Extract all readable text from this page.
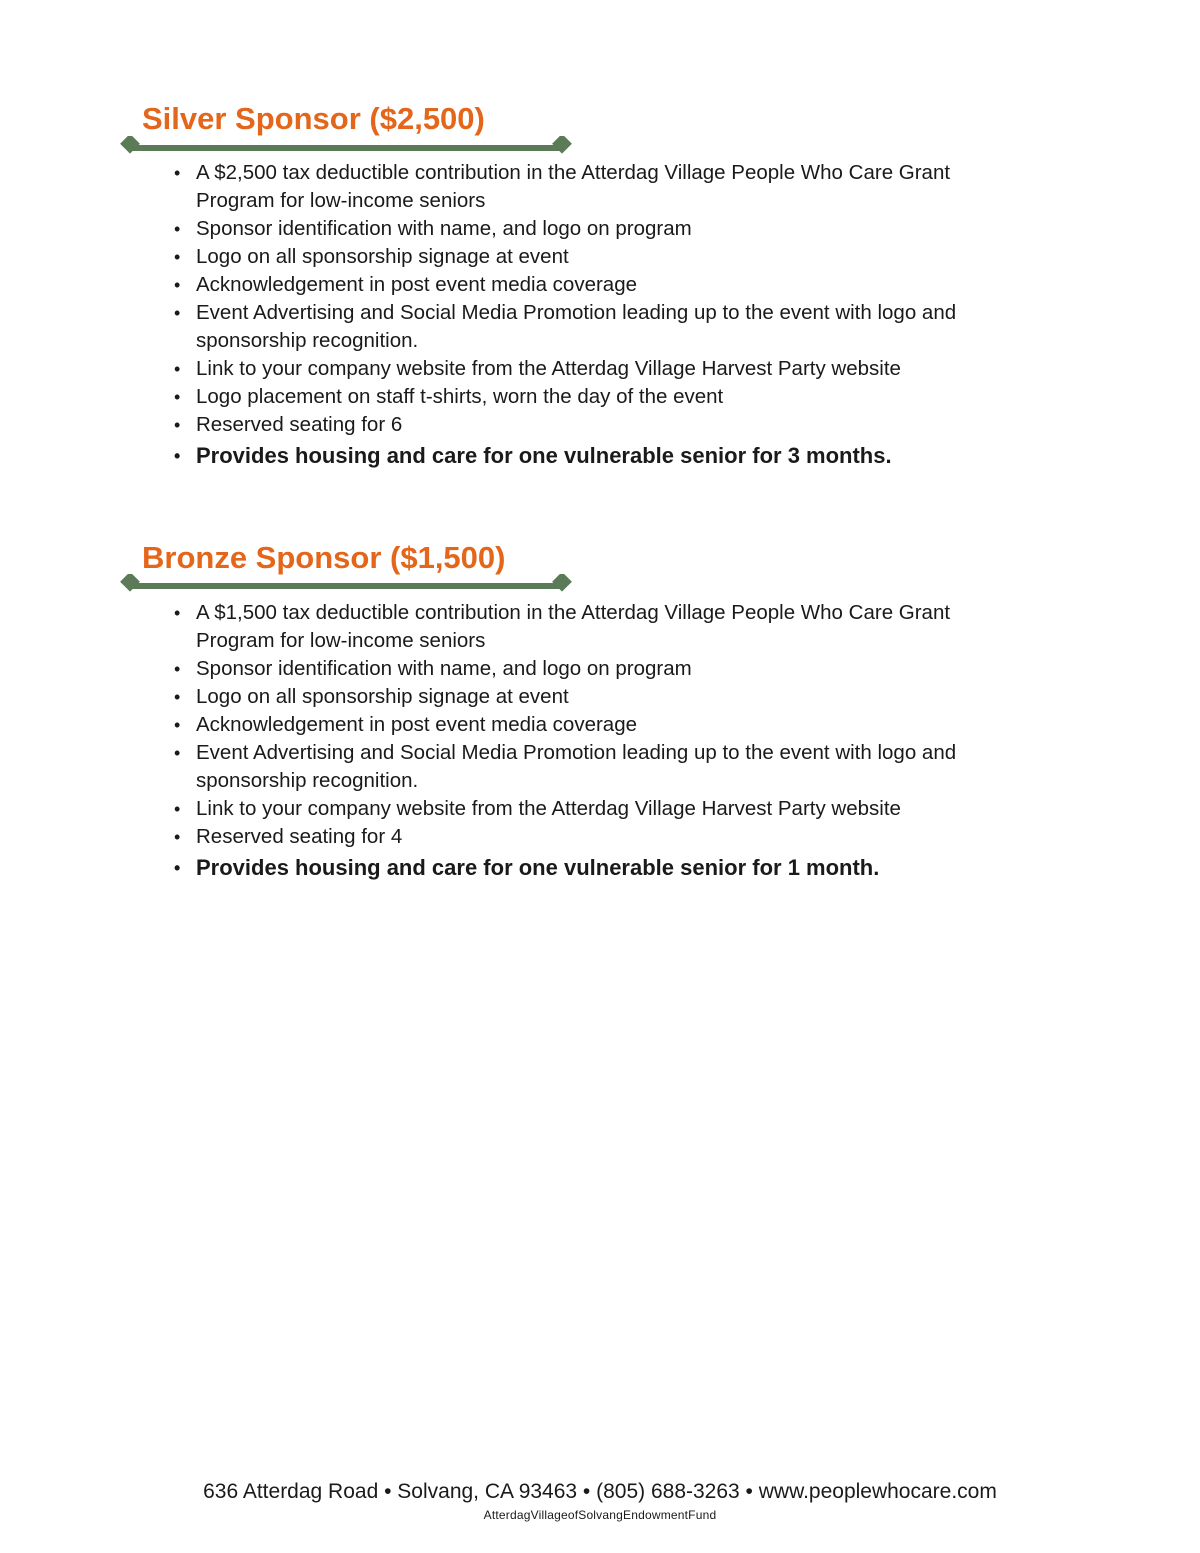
Silver Sponsor ($2,500)
• A $2,500 tax deductible contribution in the Atterdag Village People Who Care Grant Program for low-income seniors
• Sponsor identification with name, and logo on program
• Logo on all sponsorship signage at event
• Acknowledgement in post event media coverage
• Event Advertising and Social Media Promotion leading up to the event with logo and sponsorship recognition.
• Link to your company website from the Atterdag Village Harvest Party website
• Logo placement on staff t-shirts, worn the day of the event
• Reserved seating for 6
• Provides housing and care for one vulnerable senior for 3 months.
Bronze Sponsor ($1,500)
• A $1,500 tax deductible contribution in the Atterdag Village People Who Care Grant Program for low-income seniors
• Sponsor identification with name, and logo on program
• Logo on all sponsorship signage at event
• Acknowledgement in post event media coverage
• Event Advertising and Social Media Promotion leading up to the event with logo and sponsorship recognition.
• Link to your company website from the Atterdag Village Harvest Party website
• Reserved seating for 4
• Provides housing and care for one vulnerable senior for 1 month.
636 Atterdag Road • Solvang, CA 93463 • (805) 688-3263 • www.peoplewhocare.com
AtterdagVillageofSolvangEndowmentFund
